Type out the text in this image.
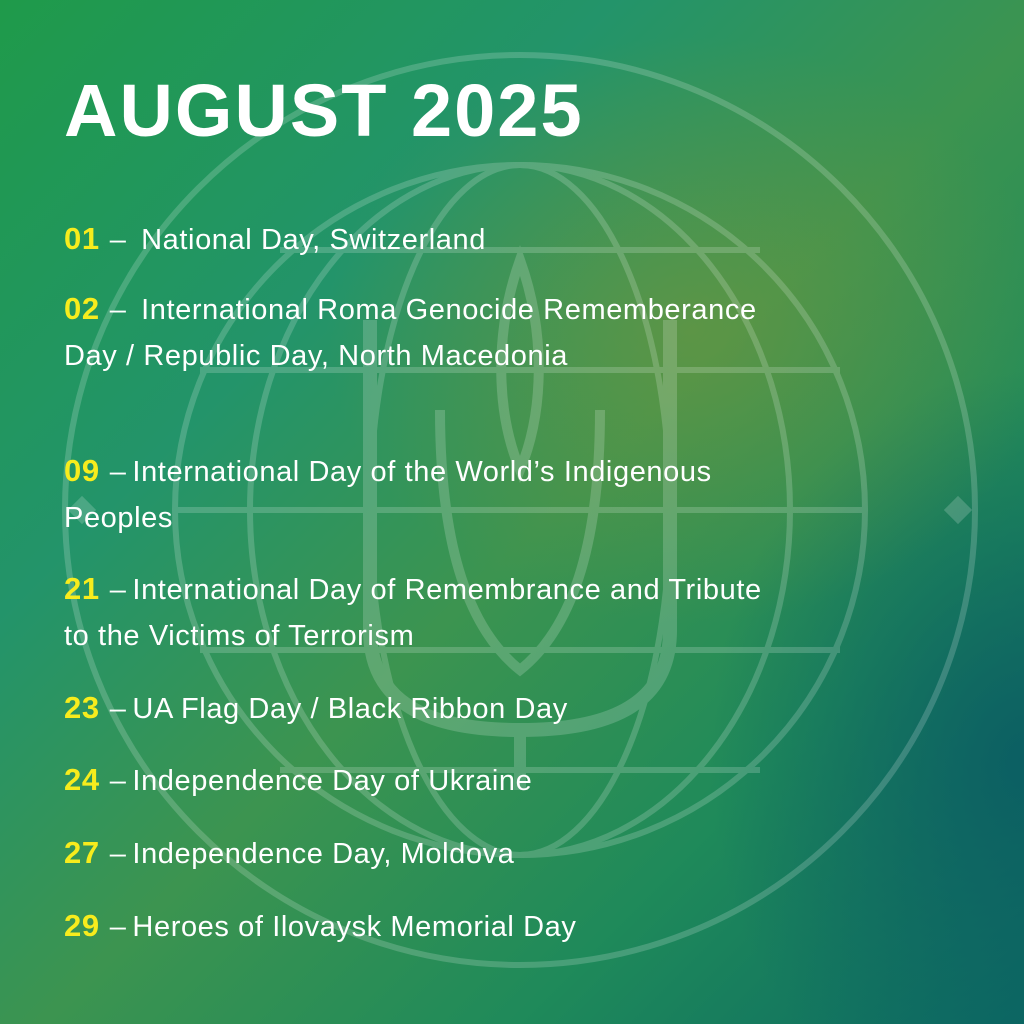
AUGUST 2025
01 – National Day, Switzerland
02 – International Roma Genocide Rememberance Day / Republic Day, North Macedonia
09 – International Day of the World’s Indigenous Peoples
21 – International Day of Remembrance and Tribute to the Victims of Terrorism
23 – UA Flag Day / Black Ribbon Day
24 – Independence Day of Ukraine
27 – Independence Day, Moldova
29 – Heroes of Ilovaysk Memorial Day
